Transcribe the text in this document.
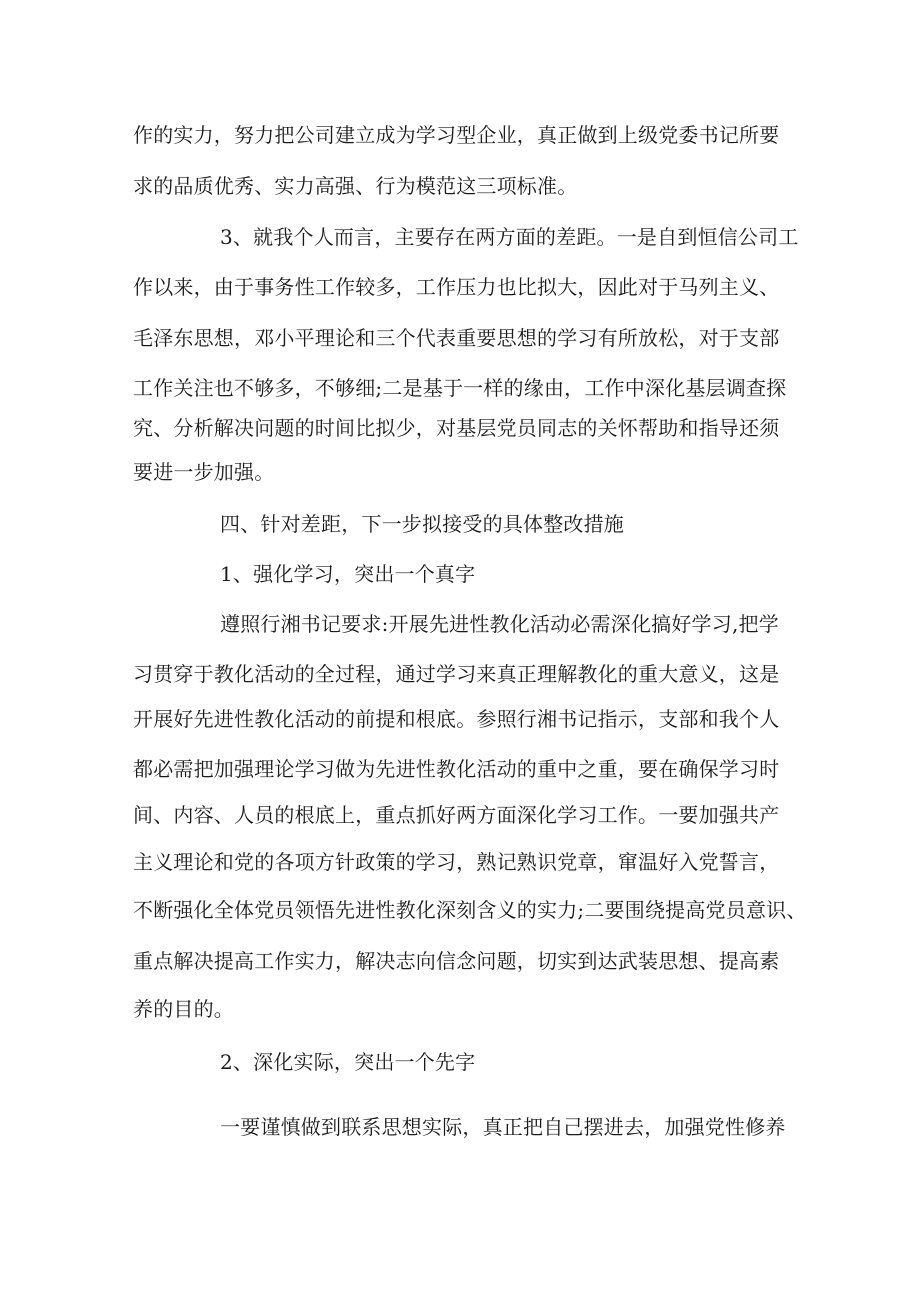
作的实力，努力把公司建立成为学习型企业，真正做到上级党委书记所要
求的品质优秀、实力高强、行为模范这三项标准。
3、就我个人而言，主要存在两方面的差距。一是自到恒信公司工
作以来，由于事务性工作较多，工作压力也比拟大，因此对于马列主义、
毛泽东思想，邓小平理论和三个代表重要思想的学习有所放松，对于支部
工作关注也不够多，不够细;二是基于一样的缘由，工作中深化基层调查探
究、分析解决问题的时间比拟少，对基层党员同志的关怀帮助和指导还须
要进一步加强。
四、针对差距，下一步拟接受的具体整改措施
1、强化学习，突出一个真字
遵照行湘书记要求:开展先进性教化活动必需深化搞好学习,把学
习贯穿于教化活动的全过程，通过学习来真正理解教化的重大意义，这是
开展好先进性教化活动的前提和根底。参照行湘书记指示，支部和我个人
都必需把加强理论学习做为先进性教化活动的重中之重，要在确保学习时
间、内容、人员的根底上，重点抓好两方面深化学习工作。一要加强共产
主义理论和党的各项方针政策的学习，熟记熟识党章，窜温好入党誓言，
不断强化全体党员领悟先进性教化深刻含义的实力;二要围绕提高党员意识、
重点解决提高工作实力，解决志向信念问题，切实到达武装思想、提高素
养的目的。
2、深化实际，突出一个先字
一要谨慎做到联系思想实际，真正把自己摆进去，加强党性修养
